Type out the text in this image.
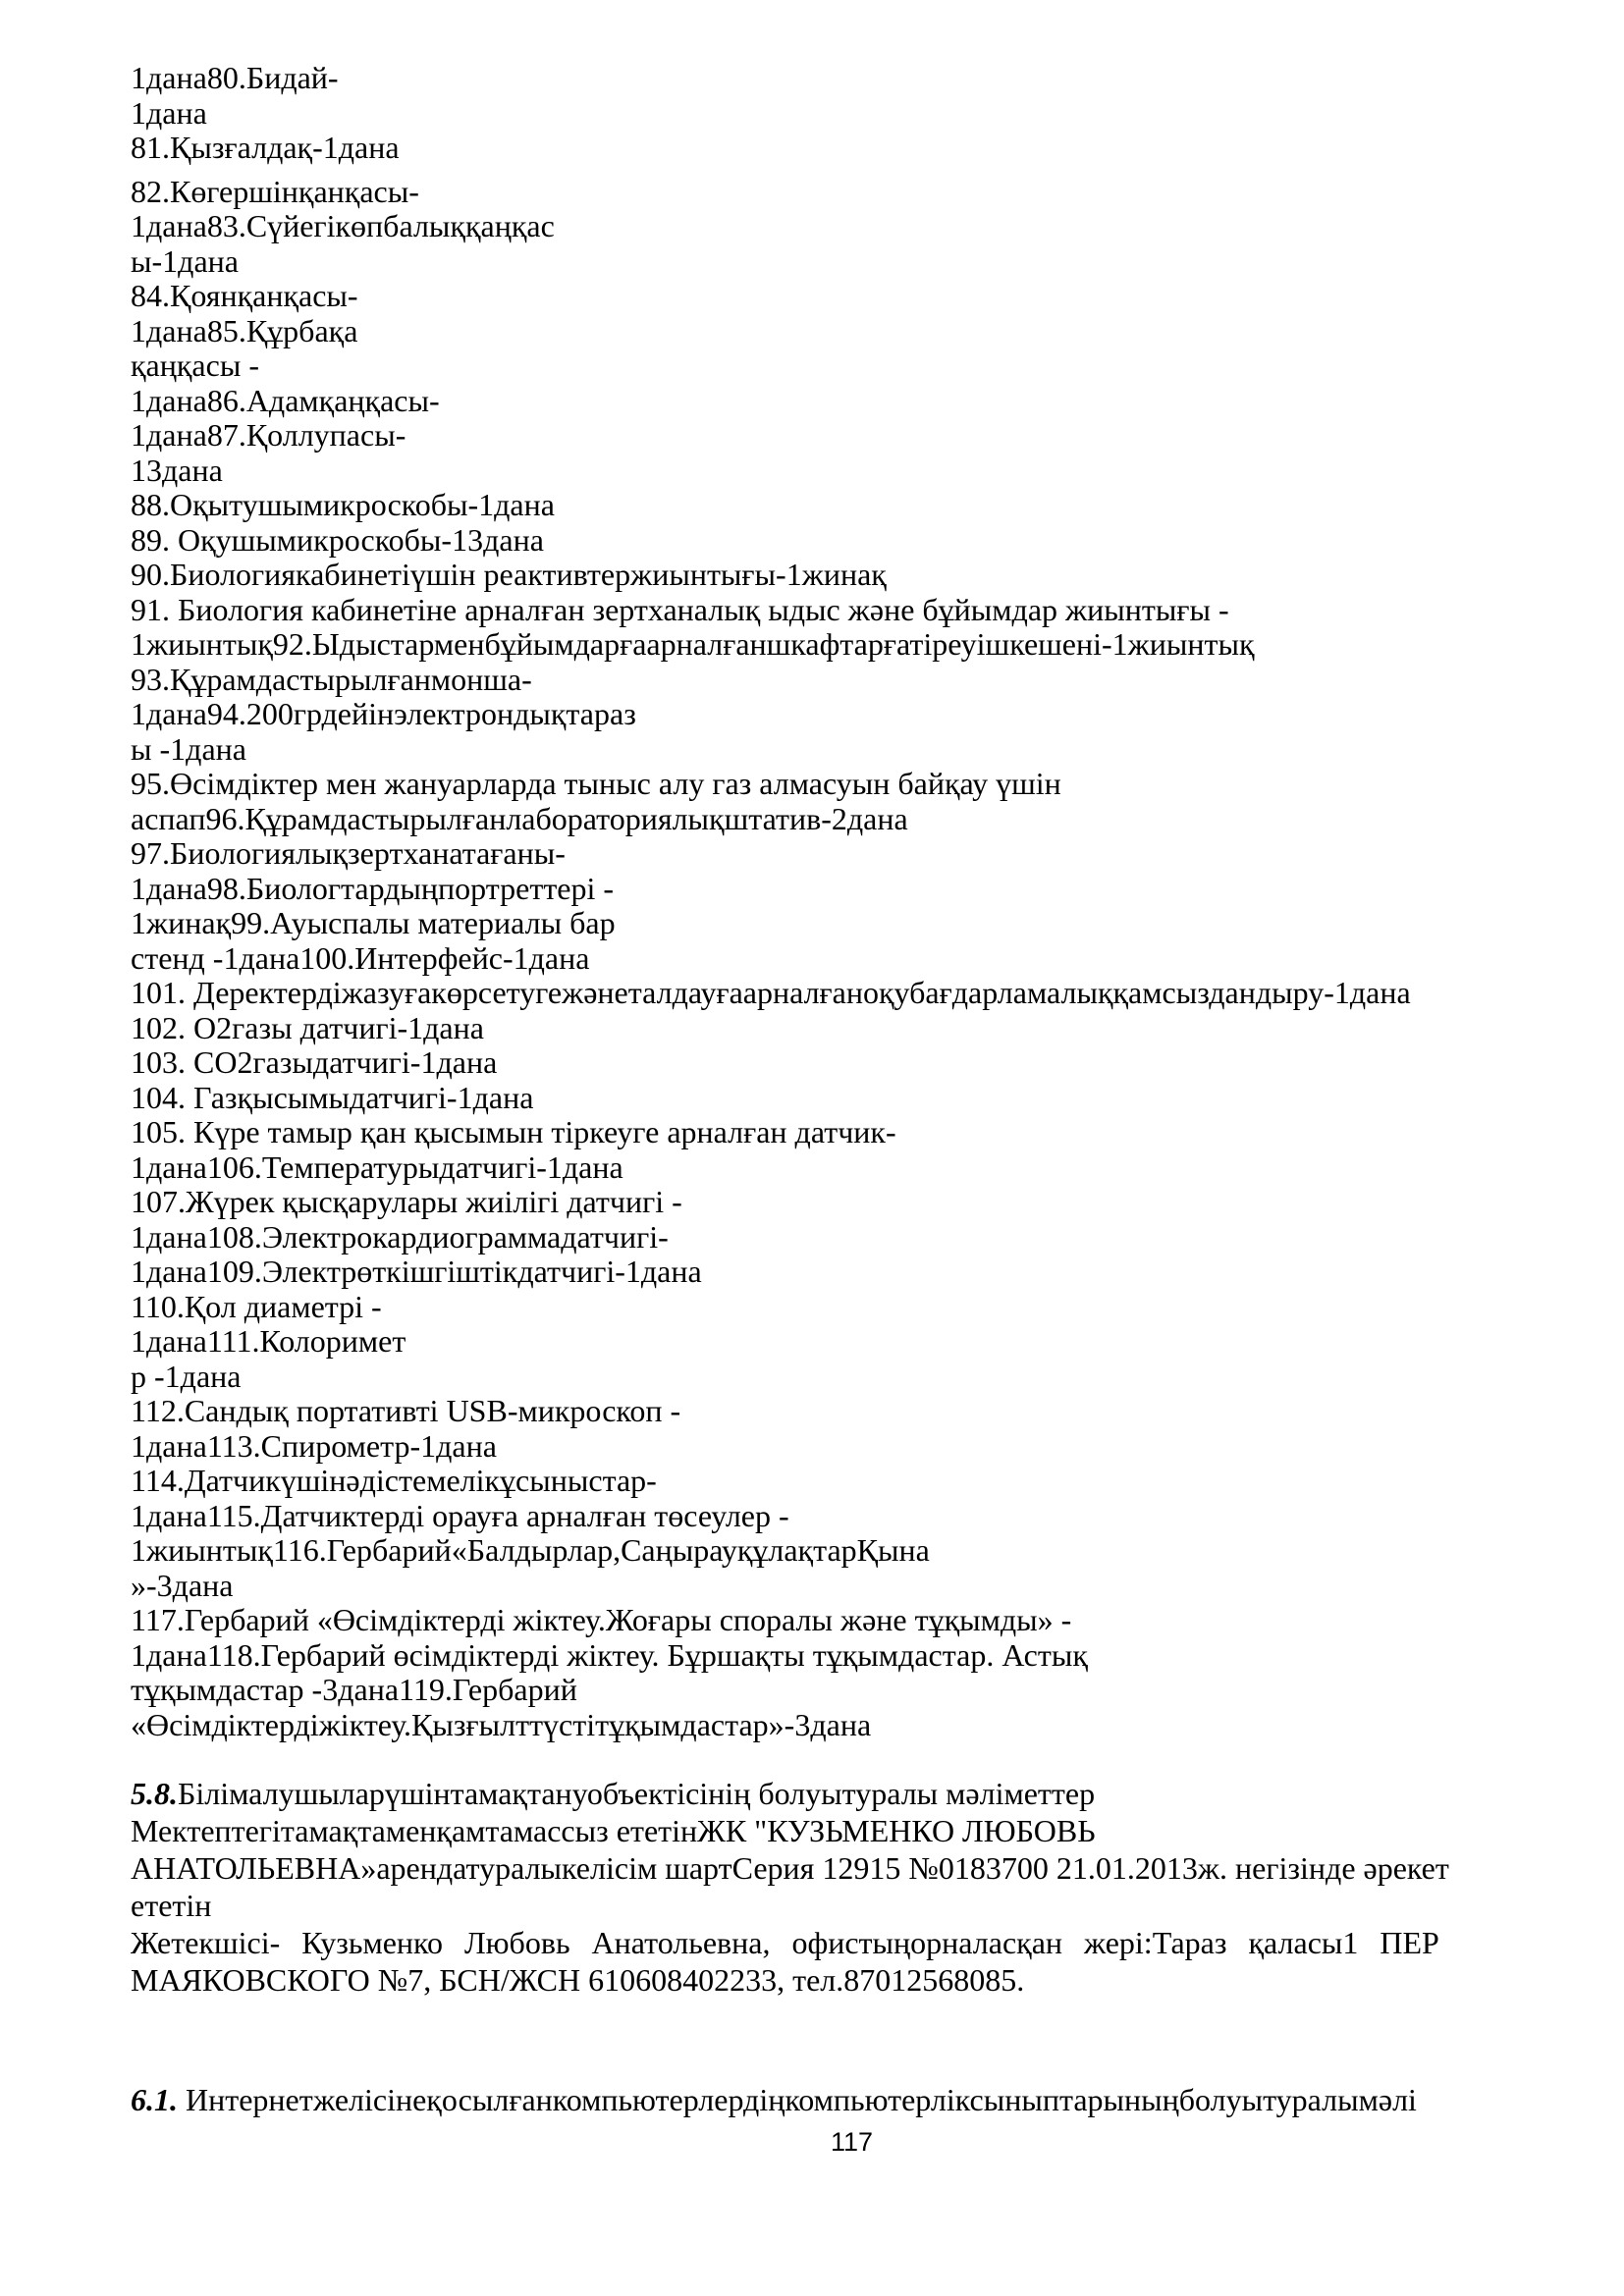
1дана80.Бидай-
1дана
81.Қызғалдақ-1дана
82.Көгершінқанқасы-
1дана83.Сүйегікөпбалыққаңқас
ы-1дана
84.Қоянқанқасы-
1дана85.Құрбақа
қаңқасы -
1дана86.Адамқаңқасы-
1дана87.Қоллупасы-
13дана
88.Оқытушымикроскобы-1дана
89. Оқушымикроскобы-13дана
90.Биологиякабинетіүшін реактивтержиынтығы-1жинақ
91. Биология кабинетіне арналған зертханалық ыдыс және бұйымдар жиынтығы -
1жиынтық92.Ыдыстарменбұйымдарғаарналғаншкафтарғатіреуішкешені-1жиынтық
93.Құрамдастырылғанмонша-
1дана94.200грдейінэлектрондықтараз
ы -1дана
95.Өсімдіктер мен жануарларда тыныс алу газ алмасуын байқау үшін
аспап96.Құрамдастырылғанлабораториялықштатив-2дана
97.Биологиялықзертханатағаны-
1дана98.Биологтардыңпортреттері -
1жинақ99.Ауыспалы материалы бар
стенд -1дана100.Интерфейс-1дана
101. Деректердіжазуғакөрсетугежәнеталдауғаарналғаноқубағдарламалыққамсыздандыру-1дана
102. О2газы датчигі-1дана
103. СО2газыдатчигі-1дана
104. Газқысымыдатчигі-1дана
105. Күре тамыр қан қысымын тіркеуге арналған датчик-
1дана106.Температурыдатчигі-1дана
107.Жүрек қысқарулары жиілігі датчигі -
1дана108.Электрокардиограммадатчигі-
1дана109.Электрөткішгіштікдатчигі-1дана
110.Қол диаметрі -
1дана111.Колоримет
р -1дана
112.Сандық портативті USB-микроскоп -
1дана113.Спирометр-1дана
114.Датчикүшінәдістемелікұсыныстар-
1дана115.Датчиктерді орауға арналған төсеулер -
1жиынтық116.Гербарий«Балдырлар,СаңырауқұлақтарҚына
»-3дана
117.Гербарий «Өсімдіктерді жіктеу.Жоғары споралы және тұқымды» -
1дана118.Гербарий өсімдіктерді жіктеу. Бұршақты тұқымдастар. Астық
тұқымдастар -3дана119.Гербарий
«Өсімдіктердіжіктеу.Қызғылттүстітұқымдастар»-3дана
5.8.Білімалушыларүшінтамақтануобъектісінің болуытуралы мәліметтер
Мектептегітамақтаменқамтамассыз ететінЖК "КУЗЬМЕНКО ЛЮБОВЬ
АНАТОЛЬЕВНА»арендатуралыкелісім шартСерия 12915 №0183700 21.01.2013ж. негізінде әрекет
ететін
Жетекшісі- Кузьменко Любовь Анатольевна, офистыңорналасқан жері:Тараз қаласы1 ПЕР
МАЯКОВСКОГО №7, БСН/ЖСН 610608402233, тел.87012568085.
6.1. Интернетжелісінеқосылғанкомпьютерлердіңкомпьютерліксыныптарыныңболуытуралымәлі
117
